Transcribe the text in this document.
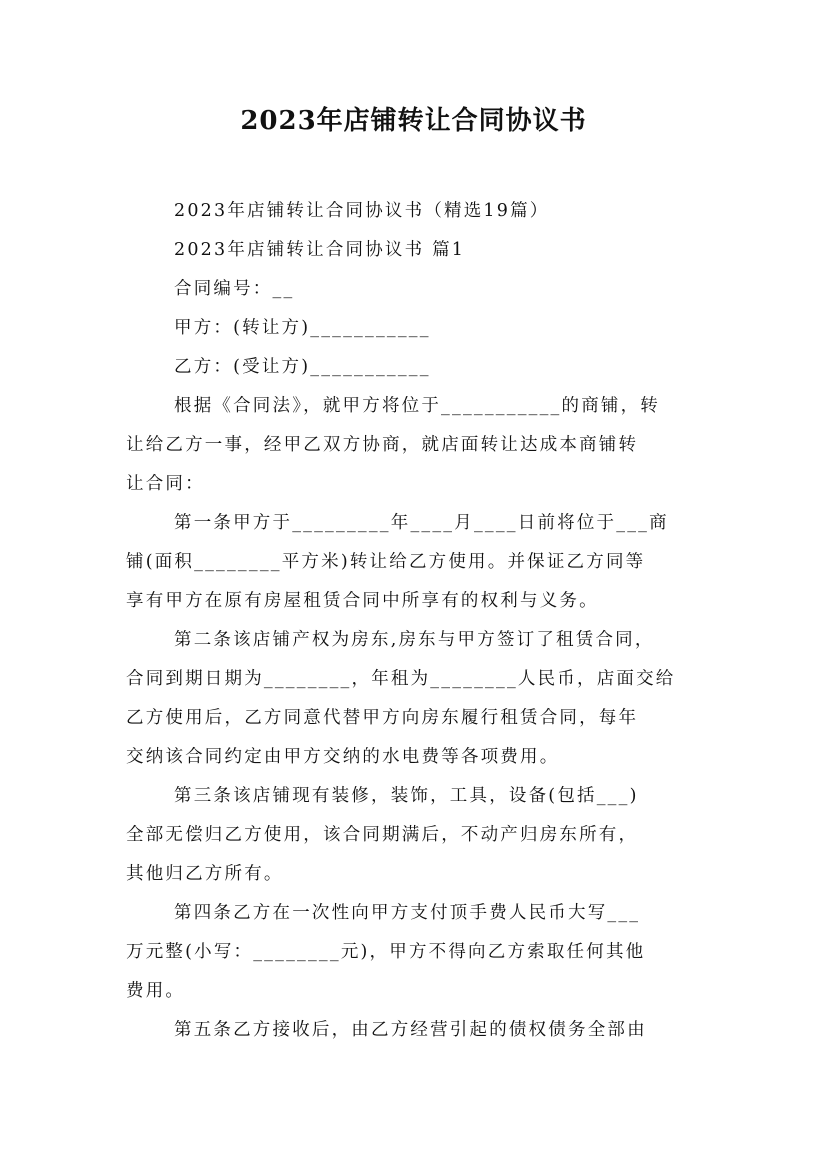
2023年店铺转让合同协议书
2023年店铺转让合同协议书（精选19篇）
2023年店铺转让合同协议书 篇1
合同编号：__
甲方：(转让方)___________
乙方：(受让方)___________
根据《合同法》，就甲方将位于___________的商铺，转
让给乙方一事，经甲乙双方协商，就店面转让达成本商铺转
让合同：
第一条甲方于_________年____月____日前将位于___商
铺(面积________平方米)转让给乙方使用。并保证乙方同等
享有甲方在原有房屋租赁合同中所享有的权利与义务。
第二条该店铺产权为房东,房东与甲方签订了租赁合同，
合同到期日期为________，年租为________人民币，店面交给
乙方使用后，乙方同意代替甲方向房东履行租赁合同，每年
交纳该合同约定由甲方交纳的水电费等各项费用。
第三条该店铺现有装修，装饰，工具，设备(包括___)
全部无偿归乙方使用，该合同期满后，不动产归房东所有，
其他归乙方所有。
第四条乙方在一次性向甲方支付顶手费人民币大写___
万元整(小写：________元)，甲方不得向乙方索取任何其他
费用。
第五条乙方接收后，由乙方经营引起的债权债务全部由
